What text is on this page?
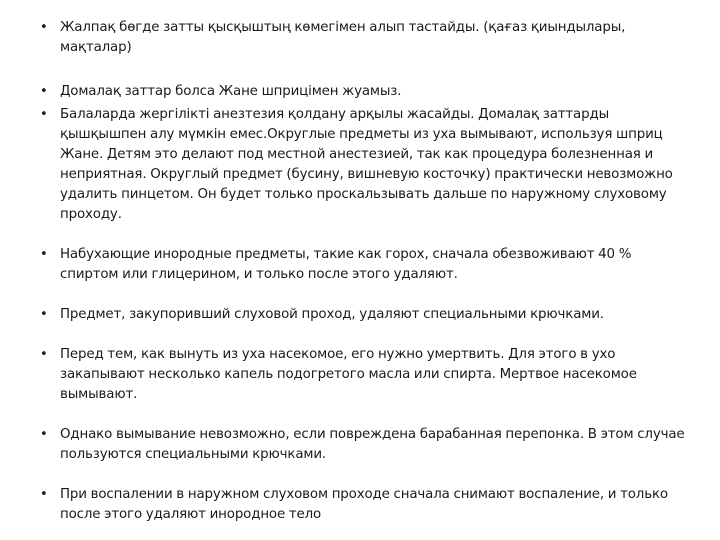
• Жалпақ бөгде затты қысқыштың көмегімен алып тастайды. (қағаз қиындылары, мақталар)
• Домалақ заттар болса Жане шприцімен жуамыз.
• Балаларда жергілікті анезтезия қолдану арқылы жасайды. Домалақ заттарды қышқышпен алу мүмкін емес.Округлые предметы из уха вымывают, используя шприц Жане. Детям это делают под местной анестезией, так как процедура болезненная и неприятная. Округлый предмет (бусину, вишневую косточку) практически невозможно удалить пинцетом. Он будет только проскальзывать дальше по наружному слуховому проходу.
• Набухающие инородные предметы, такие как горох, сначала обезвоживают 40 % спиртом или глицерином, и только после этого удаляют.
• Предмет, закупоривший слуховой проход, удаляют специальными крючками.
• Перед тем, как вынуть из уха насекомое, его нужно умертвить. Для этого в ухо закапывают несколько капель подогретого масла или спирта. Мертвое насекомое вымывают.
• Однако вымывание невозможно, если повреждена барабанная перепонка. В этом случае пользуются специальными крючками.
• При воспалении в наружном слуховом проходе сначала снимают воспаление, и только после этого удаляют инородное тело
